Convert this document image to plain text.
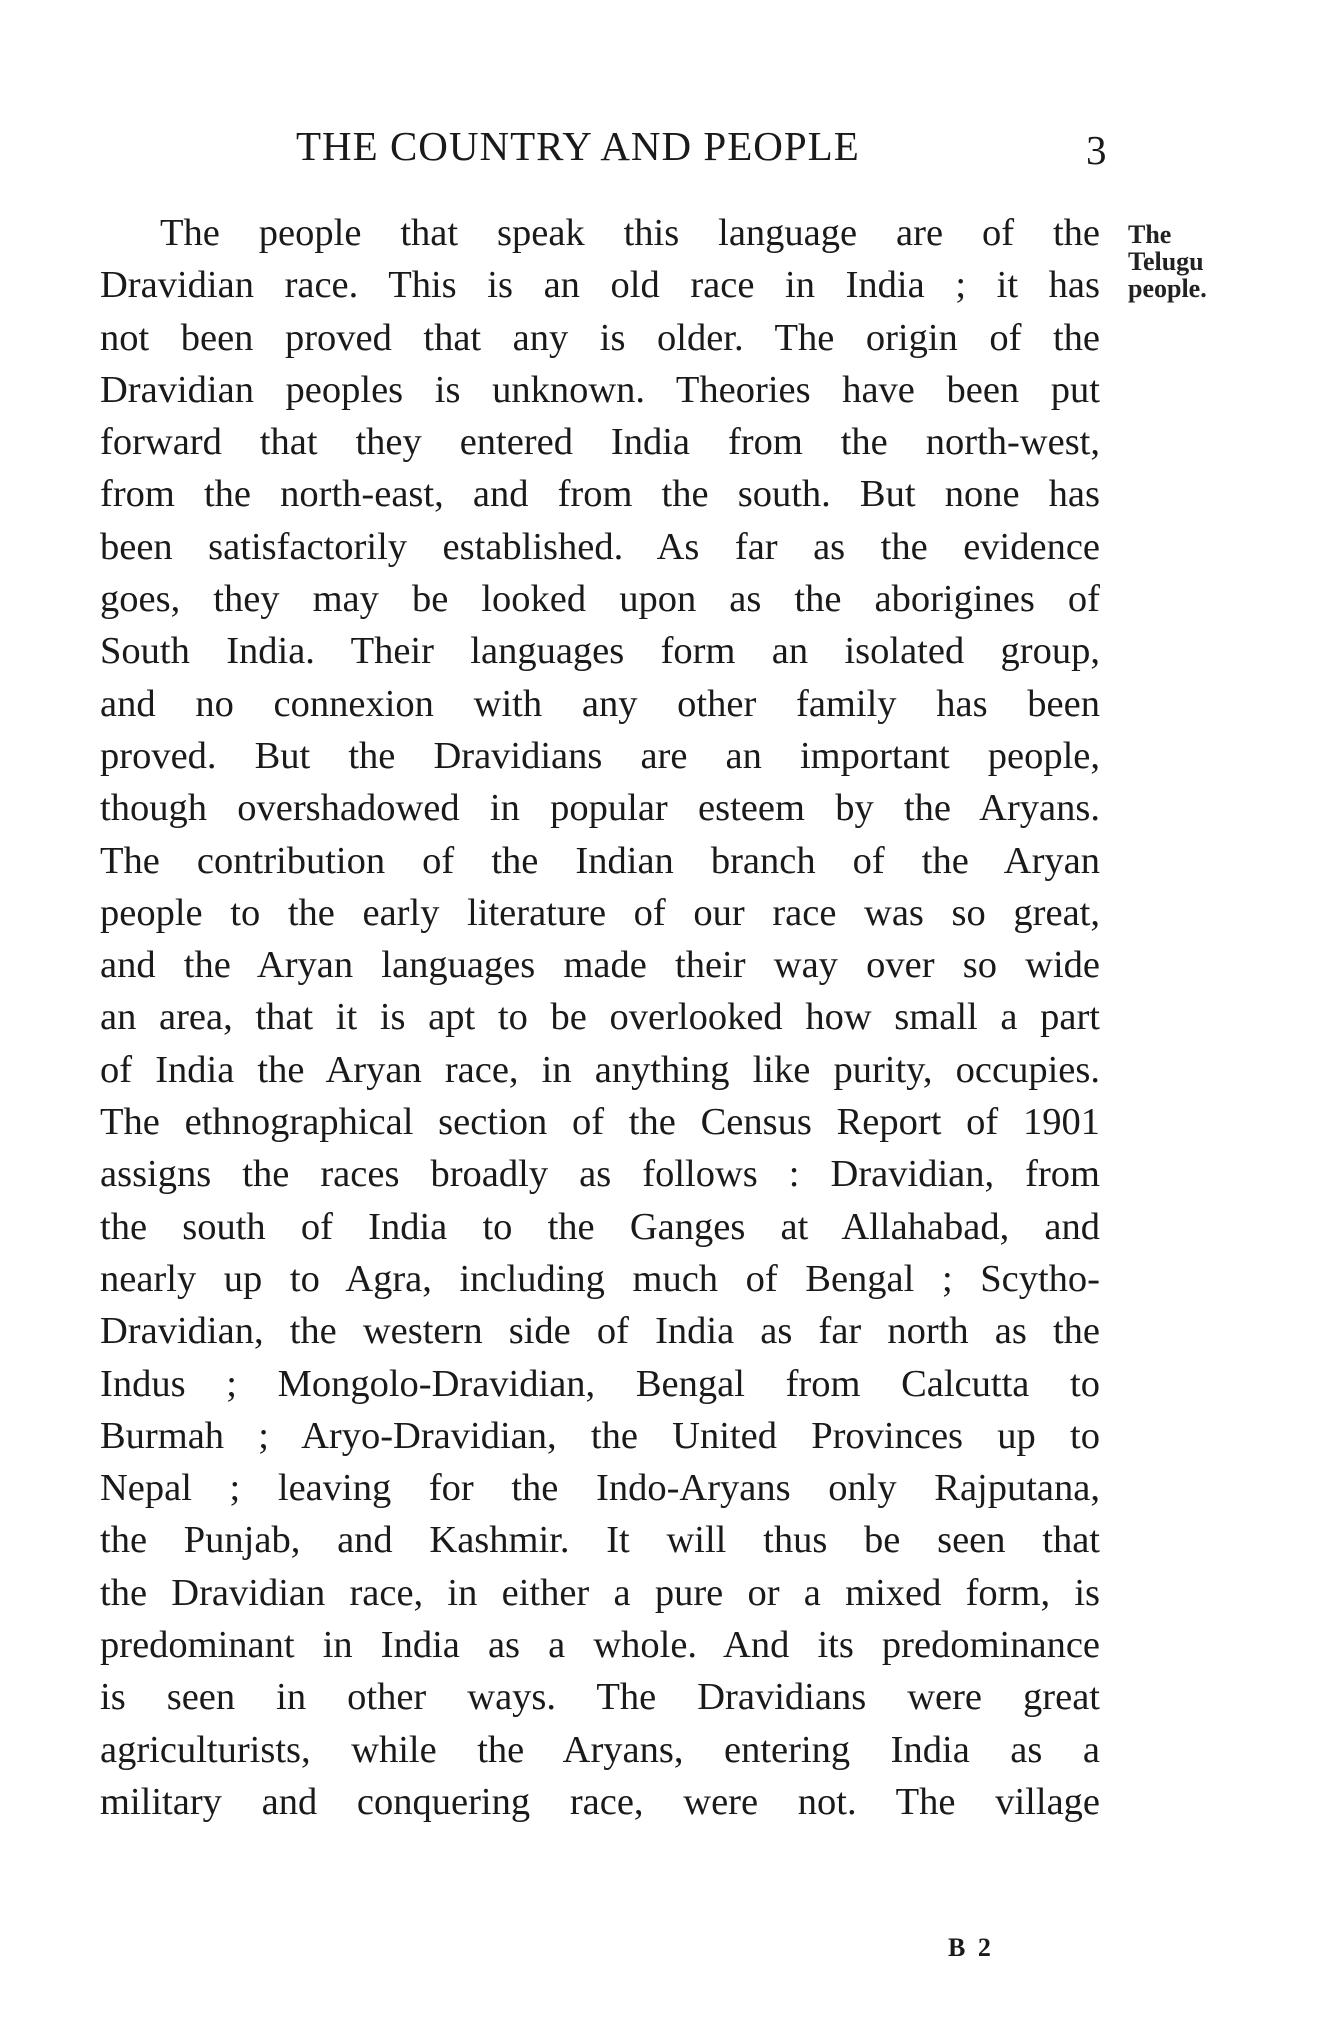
THE COUNTRY AND PEOPLE	3
The
Telugu
people.
The people that speak this language are of the
Dravidian race. This is an old race in India ; it has
not been proved that any is older. The origin of the
Dravidian peoples is unknown. Theories have been put
forward that they entered India from the north-west,
from the north-east, and from the south. But none has
been satisfactorily established. As far as the evidence
goes, they may be looked upon as the aborigines of
South India. Their languages form an isolated group,
and no connexion with any other family has been
proved. But the Dravidians are an important people,
though overshadowed in popular esteem by the Aryans.
The contribution of the Indian branch of the Aryan
people to the early literature of our race was so great,
and the Aryan languages made their way over so wide
an area, that it is apt to be overlooked how small a part
of India the Aryan race, in anything like purity, occupies.
The ethnographical section of the Census Report of 1901
assigns the races broadly as follows : Dravidian, from
the south of India to the Ganges at Allahabad, and
nearly up to Agra, including much of Bengal ; Scytho-
Dravidian, the western side of India as far north as the
Indus ; Mongolo-Dravidian, Bengal from Calcutta to
Burmah ; Aryo-Dravidian, the United Provinces up to
Nepal ; leaving for the Indo-Aryans only Rajputana,
the Punjab, and Kashmir. It will thus be seen that
the Dravidian race, in either a pure or a mixed form, is
predominant in India as a whole. And its predominance
is seen in other ways. The Dravidians were great
agriculturists, while the Aryans, entering India as a
military and conquering race, were not. The village
B 2
